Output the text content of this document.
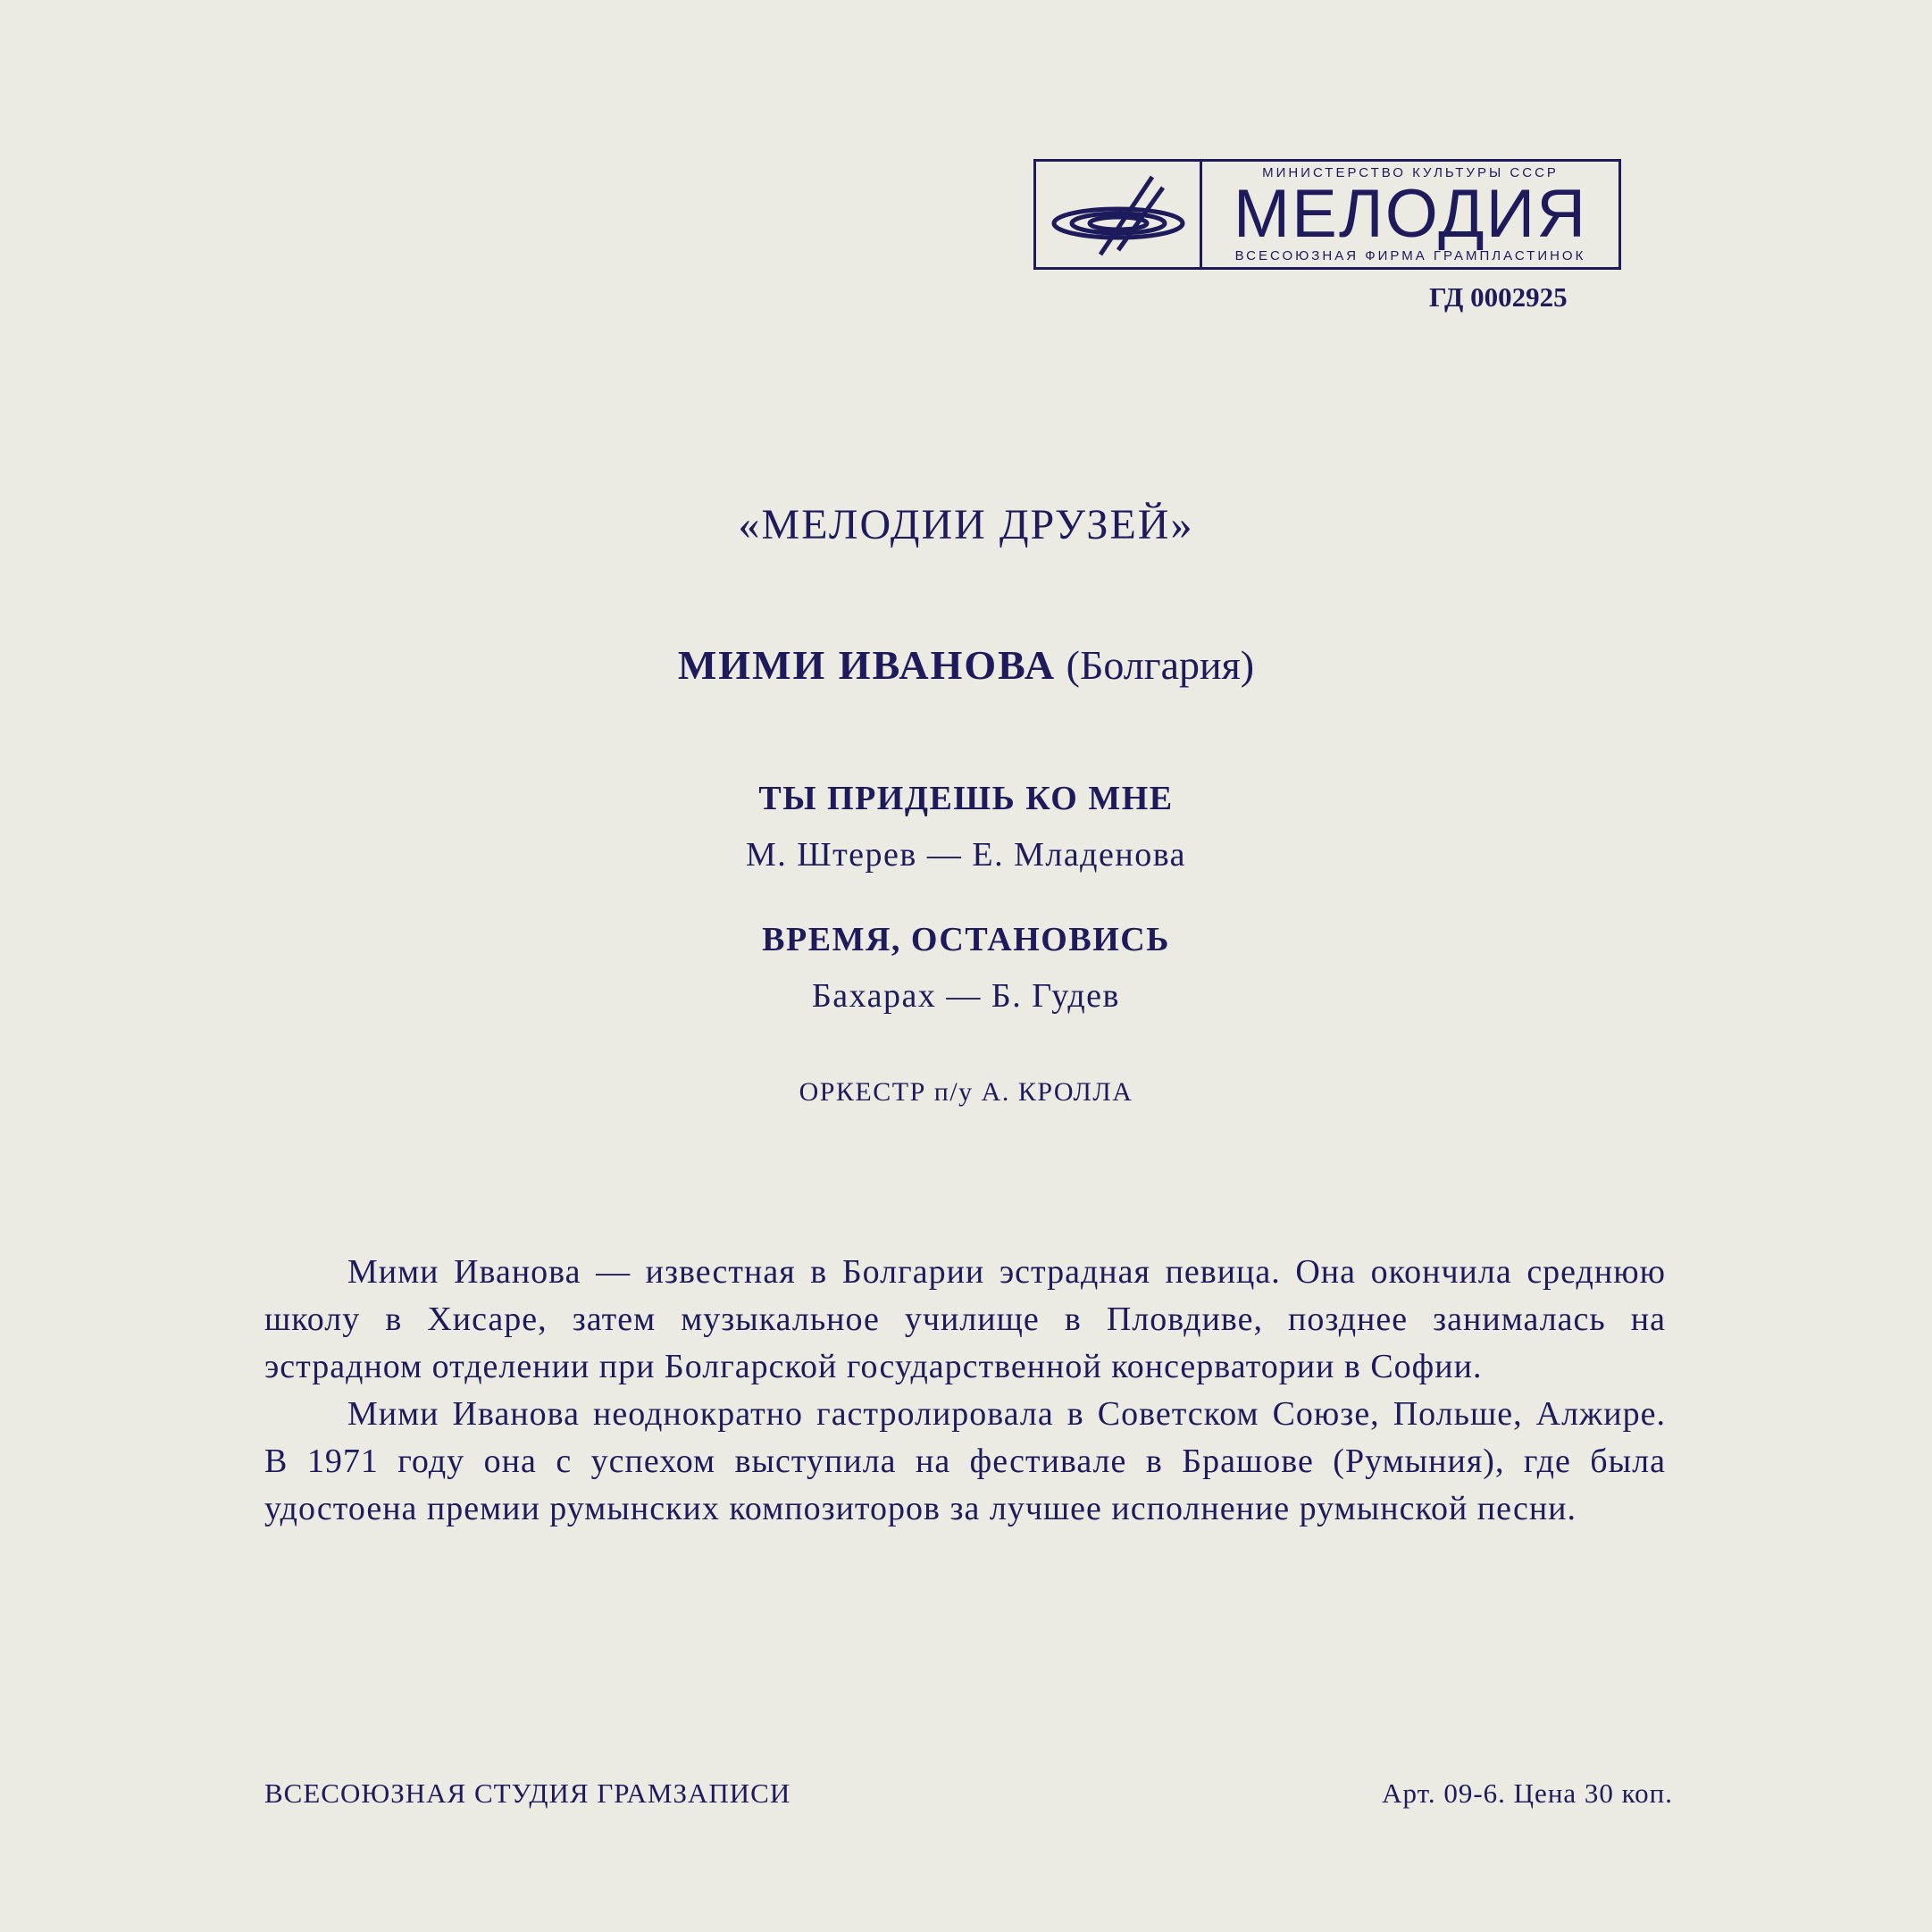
МИНИСТЕРСТВО КУЛЬТУРЫ СССР
МЕЛОДИЯ
ВСЕСОЮЗНАЯ ФИРМА ГРАМПЛАСТИНОК
ГД 0002925
«МЕЛОДИИ ДРУЗЕЙ»
МИМИ ИВАНОВА (Болгария)
ТЫ ПРИДЕШЬ КО МНЕ
М. Штерев — Е. Младенова
ВРЕМЯ, ОСТАНОВИСЬ
Бахарах — Б. Гудев
ОРКЕСТР п/у А. КРОЛЛА

Мими Иванова — известная в Болгарии эстрадная певица. Она окончила среднюю школу в Хисаре, затем музыкальное училище в Пловдиве, позднее занималась на эстрадном отделении при Болгарской государственной консерватории в Софии.

Мими Иванова неоднократно гастролировала в Советском Союзе, Польше, Алжире. В 1971 году она с успехом выступила на фестивале в Брашове (Румыния), где была удостоена премии румынских композиторов за лучшее исполнение румынской песни.

ВСЕСОЮЗНАЯ СТУДИЯ ГРАМЗАПИСИ	Арт. 09-6. Цена 30 коп.
